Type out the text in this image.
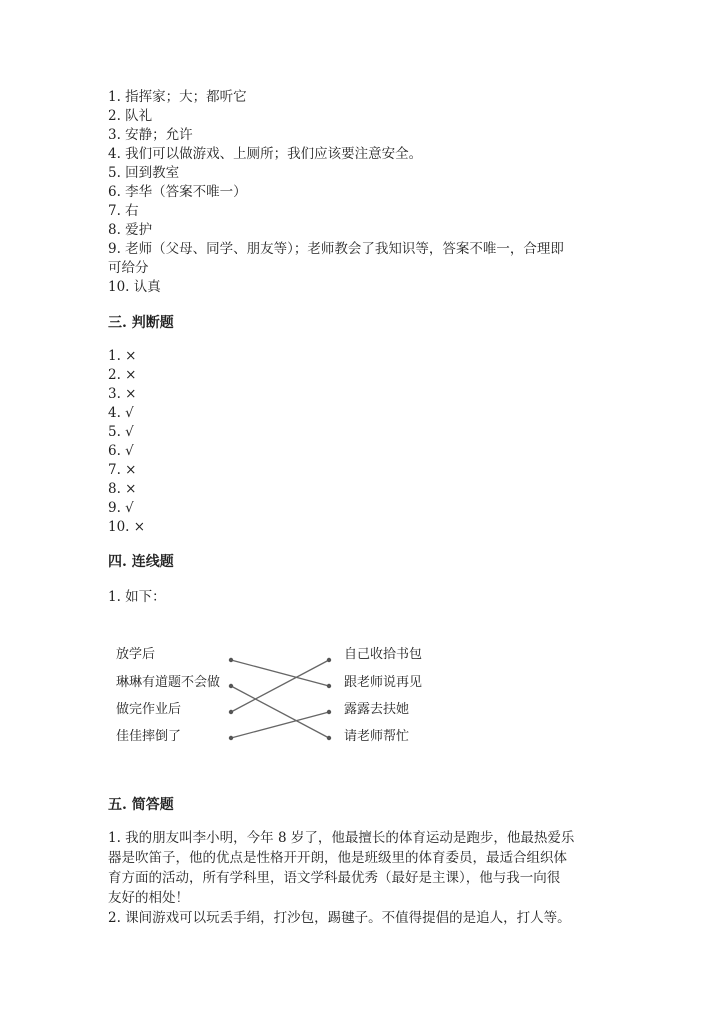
1. 指挥家；大；都听它
2. 队礼
3. 安静；允许
4. 我们可以做游戏、上厕所；我们应该要注意安全。
5. 回到教室
6. 李华（答案不唯一）
7. 右
8. 爱护
9. 老师（父母、同学、朋友等）；老师教会了我知识等，答案不唯一，合理即
可给分
10. 认真
三. 判断题
1. ×
2. ×
3. ×
4. √
5. √
6. √
7. ×
8. ×
9. √
10. ×
四. 连线题
1. 如下：
放学后
琳琳有道题不会做
做完作业后
佳佳摔倒了
自己收拾书包
跟老师说再见
露露去扶她
请老师帮忙
五. 简答题
1. 我的朋友叫李小明，今年 8 岁了，他最擅长的体育运动是跑步，他最热爱乐
器是吹笛子，他的优点是性格开开朗，他是班级里的体育委员，最适合组织体
育方面的活动，所有学科里，语文学科最优秀（最好是主课），他与我一向很
友好的相处！
2. 课间游戏可以玩丢手绢，打沙包，踢毽子。不值得提倡的是追人，打人等。
